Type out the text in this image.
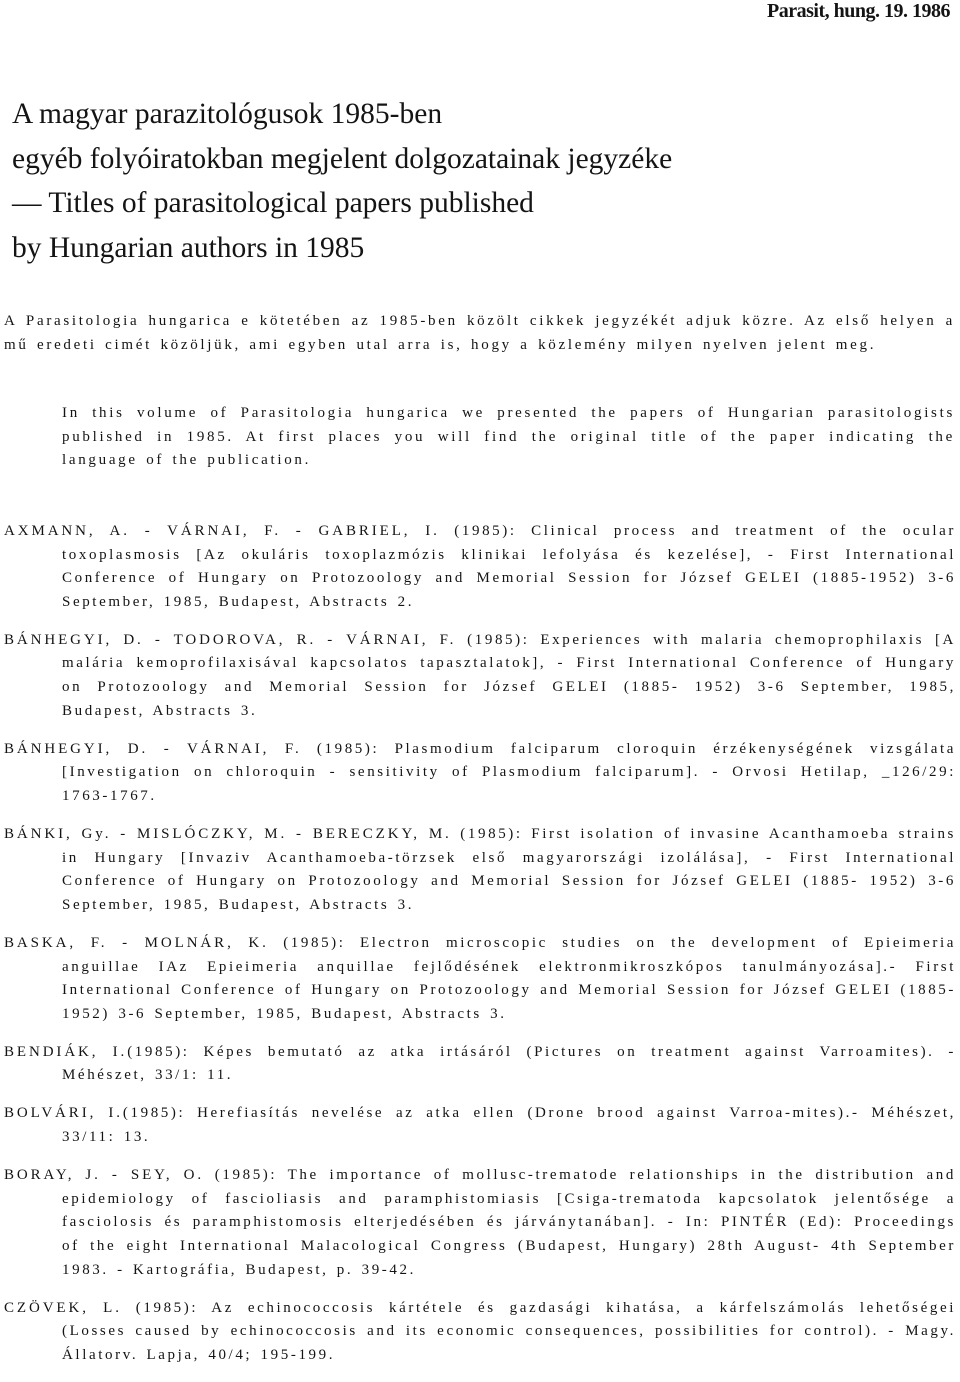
Parasit, hung. 19. 1986
A magyar parazitológusok 1985-ben
egyéb folyóiratokban megjelent dolgozatainak jegyzéke
— Titles of parasitological papers published
by Hungarian authors in 1985

A Parasitologia hungarica e kötetében az 1985-ben közölt cikkek jegyzékét adjuk közre. Az első helyen a mű eredeti cimét közöljük, ami egyben utal arra is, hogy a közlemény milyen nyelven jelent meg.

In this volume of Parasitologia hungarica we presented the papers of Hungarian parasitologists published in 1985. At first places you will find the original title of the paper indicating the language of the publication.

AXMANN, A. - VÁRNAI, F. - GABRIEL, I. (1985): Clinical process and treatment of the ocular toxoplasmosis [Az okuláris toxoplazmózis klinikai lefolyása és kezelése], - First International Conference of Hungary on Protozoology and Memorial Session for József GELEI (1885-1952) 3-6 September, 1985, Budapest, Abstracts 2.

BÁNHEGYI, D. - TODOROVA, R. - VÁRNAI, F. (1985): Experiences with malaria chemoprophilaxis [A malária kemoprofilaxisával kapcsolatos tapasztalatok], - First International Conference of Hungary on Protozoology and Memorial Session for József GELEI (1885- 1952) 3-6 September, 1985, Budapest, Abstracts 3.

BÁNHEGYI, D. - VÁRNAI, F. (1985): Plasmodium falciparum cloroquin érzékenységének vizsgálata [Investigation on chloroquin - sensitivity of Plasmodium falciparum]. - Orvosi Hetilap, _126/29: 1763-1767.

BÁNKI, Gy. - MISLÓCZKY, M. - BERECZKY, M. (1985): First isolation of invasine Acanthamoeba strains in Hungary [Invaziv Acanthamoeba-törzsek első magyarországi izolálása], - First International Conference of Hungary on Protozoology and Memorial Session for József GELEI (1885- 1952) 3-6 September, 1985, Budapest, Abstracts 3.

BASKA, F. - MOLNÁR, K. (1985): Electron microscopic studies on the development of Epieimeria anguillae IAz Epieimeria anquillae fejlődésének elektronmikroszkópos tanulmányozása].- First International Conference of Hungary on Protozoology and Memorial Session for József GELEI (1885- 1952) 3-6 September, 1985, Budapest, Abstracts 3.

BENDIÁK, I.(1985): Képes bemutató az atka irtásáról (Pictures on treatment against Varroamites). - Méhészet, 33/1: 11.

BOLVÁRI, I.(1985): Herefiasítás nevelése az atka ellen (Drone brood against Varroa-mites).- Méhészet, 33/11: 13.

BORAY, J. - SEY, O. (1985): The importance of mollusc-trematode relationships in the distribution and epidemiology of fascioliasis and paramphistomiasis [Csiga-trematoda kapcsolatok jelentősége a fasciolosis és paramphistomosis elterjedésében és járványtanában]. - In: PINTÉR (Ed): Proceedings of the eight International Malacological Congress (Budapest, Hungary) 28th August- 4th September 1983. - Kartográfia, Budapest, p. 39-42.

CZÖVEK, L. (1985): Az echinococcosis kártétele és gazdasági kihatása, a kárfelszámolás lehetőségei (Losses caused by echinococcosis and its economic consequences, possibilities for control). - Magy. Állatorv. Lapja, 40/4; 195-199.
